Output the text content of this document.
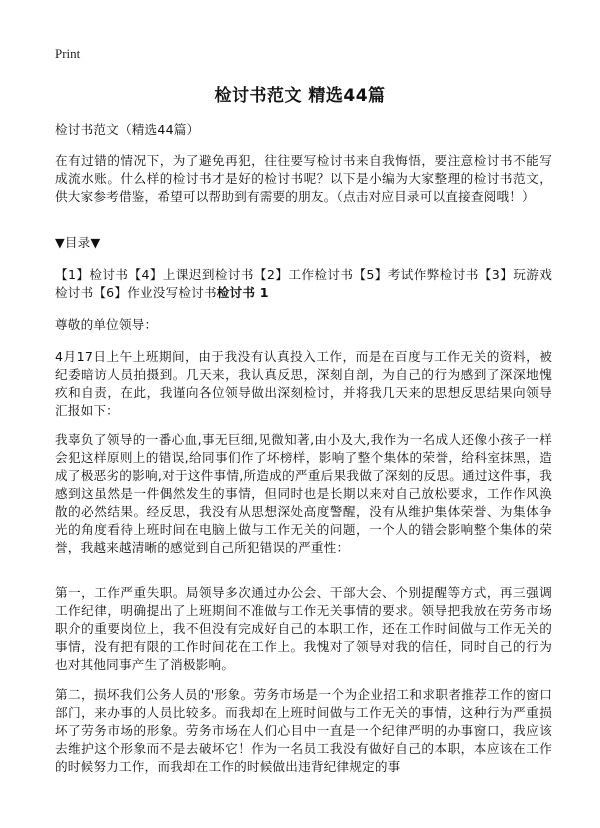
Print
检讨书范文 精选44篇

检讨书范文（精选44篇）

在有过错的情况下，为了避免再犯，往往要写检讨书来自我悔悟，要注意检讨书不能写成流水账。什么样的检讨书才是好的检讨书呢？以下是小编为大家整理的检讨书范文，供大家参考借鉴，希望可以帮助到有需要的朋友。（点击对应目录可以直接查阅哦！）

▼目录▼

【1】检讨书【4】上课迟到检讨书【2】工作检讨书【5】考试作弊检讨书【3】玩游戏检讨书【6】作业没写检讨书检讨书 1

尊敬的单位领导：

4月17日上午上班期间，由于我没有认真投入工作，而是在百度与工作无关的资料，被纪委暗访人员拍摄到。几天来，我认真反思，深刻自剖，为自己的行为感到了深深地愧疚和自责，在此，我谨向各位领导做出深刻检讨，并将我几天来的思想反思结果向领导汇报如下：

我辜负了领导的一番心血,事无巨细,见微知著,由小及大,我作为一名成人还像小孩子一样会犯这样原则上的错误,给同事们作了坏榜样，影响了整个集体的荣誉，给科室抹黑，造成了极恶劣的影响,对于这件事情,所造成的严重后果我做了深刻的反思。通过这件事，我感到这虽然是一件偶然发生的事情，但同时也是长期以来对自己放松要求，工作作风涣散的必然结果。经反思，我没有从思想深处高度警醒，没有从维护集体荣誉、为集体争光的角度看待上班时间在电脑上做与工作无关的问题，一个人的错会影响整个集体的荣誉，我越来越清晰的感觉到自己所犯错误的严重性：

第一，工作严重失职。局领导多次通过办公会、干部大会、个别提醒等方式，再三强调工作纪律，明确提出了上班期间不准做与工作无关事情的要求。领导把我放在劳务市场职介的重要岗位上，我不但没有完成好自己的本职工作，还在工作时间做与工作无关的事情，没有把有限的工作时间花在工作上。我愧对了领导对我的信任，同时自己的行为也对其他同事产生了消极影响。

第二，损坏我们公务人员的'形象。劳务市场是一个为企业招工和求职者推荐工作的窗口部门，来办事的人员比较多。而我却在上班时间做与工作无关的事情，这种行为严重损坏了劳务市场的形象。劳务市场在人们心目中一直是一个纪律严明的办事窗口，我应该去维护这个形象而不是去破坏它！作为一名员工我没有做好自己的本职，本应该在工作的时候努力工作，而我却在工作的时候做出违背纪律规定的事
